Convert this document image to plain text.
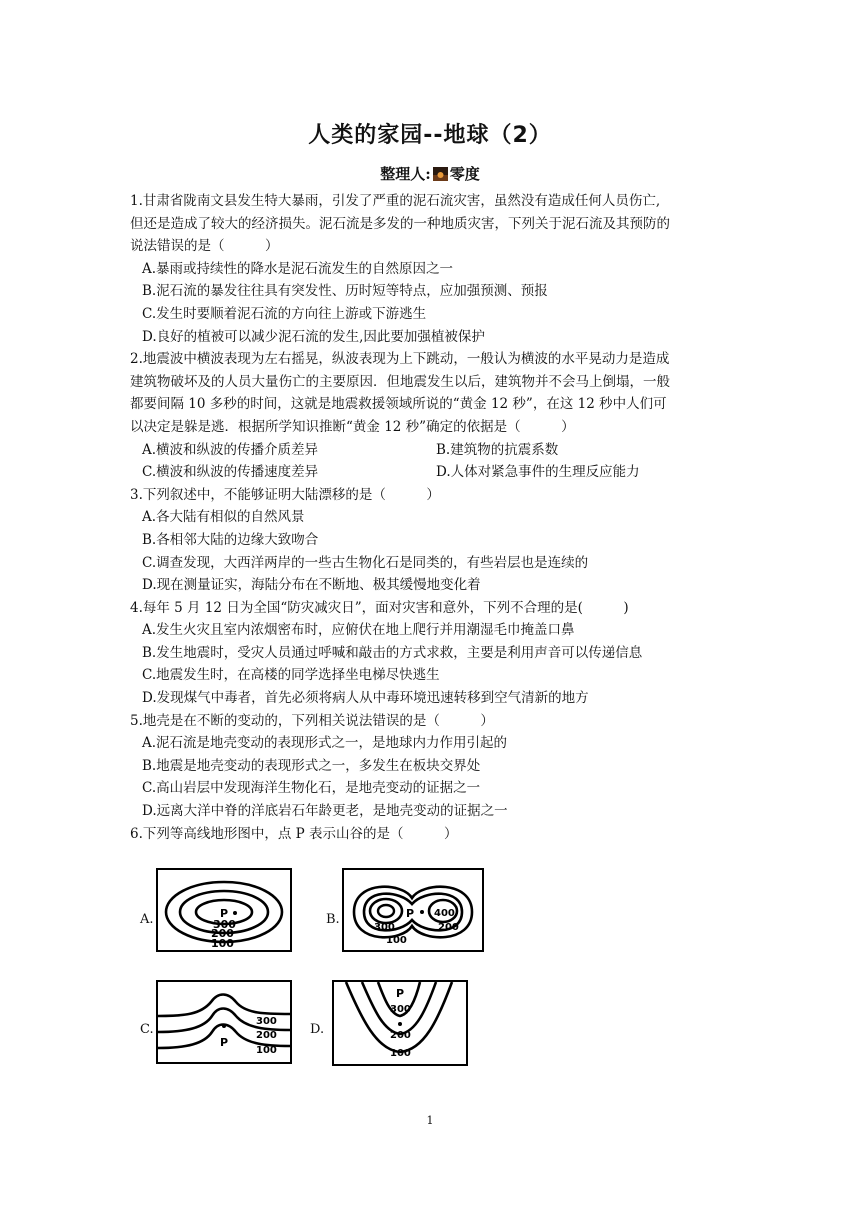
人类的家园--地球（2）
整理人: 零度

1.甘肃省陇南文县发生特大暴雨，引发了严重的泥石流灾害，虽然没有造成任何人员伤亡,

但还是造成了较大的经济损失。泥石流是多发的一种地质灾害，下列关于泥石流及其预防的

说法错误的是（　　　）

A.暴雨或持续性的降水是泥石流发生的自然原因之一

B.泥石流的暴发往往具有突发性、历时短等特点，应加强预测、预报

C.发生时要顺着泥石流的方向往上游或下游逃生

D.良好的植被可以减少泥石流的发生,因此要加强植被保护

2.地震波中横波表现为左右摇晃，纵波表现为上下跳动，一般认为横波的水平晃动力是造成

建筑物破坏及的人员大量伤亡的主要原因．但地震发生以后，建筑物并不会马上倒塌，一般

都要间隔 10 多秒的时间，这就是地震救援领域所说的“黄金 12 秒”，在这 12 秒中人们可

以决定是躲是逃．根据所学知识推断“黄金 12 秒”确定的依据是（　　　）

A.横波和纵波的传播介质差异	B.建筑物的抗震系数
C.横波和纵波的传播速度差异	D.人体对紧急事件的生理反应能力

3.下列叙述中，不能够证明大陆漂移的是（　　　）

A.各大陆有相似的自然风景

B.各相邻大陆的边缘大致吻合

C.调查发现，大西洋两岸的一些古生物化石是同类的，有些岩层也是连续的

D.现在测量证实，海陆分布在不断地、极其缓慢地变化着

4.每年 5 月 12 日为全国“防灾减灾日”，面对灾害和意外，下列不合理的是(　　　)

A.发生火灾且室内浓烟密布时，应俯伏在地上爬行并用潮湿毛巾掩盖口鼻

B.发生地震时，受灾人员通过呼喊和敲击的方式求救，主要是利用声音可以传递信息

C.地震发生时，在高楼的同学选择坐电梯尽快逃生

D.发现煤气中毒者，首先必须将病人从中毒环境迅速转移到空气清新的地方

5.地壳是在不断的变动的，下列相关说法错误的是（　　　）

A.泥石流是地壳变动的表现形式之一，是地球内力作用引起的

B.地震是地壳变动的表现形式之一，多发生在板块交界处

C.高山岩层中发现海洋生物化石，是地壳变动的证据之一

D.远离大洋中脊的洋底岩石年龄更老，是地壳变动的证据之一

6.下列等高线地形图中，点 P 表示山谷的是（　　　）

A.	P
300
200
100
B.	P
300
400
200
100
C.
P
300
200
100
D.
P
300
200
100
1
